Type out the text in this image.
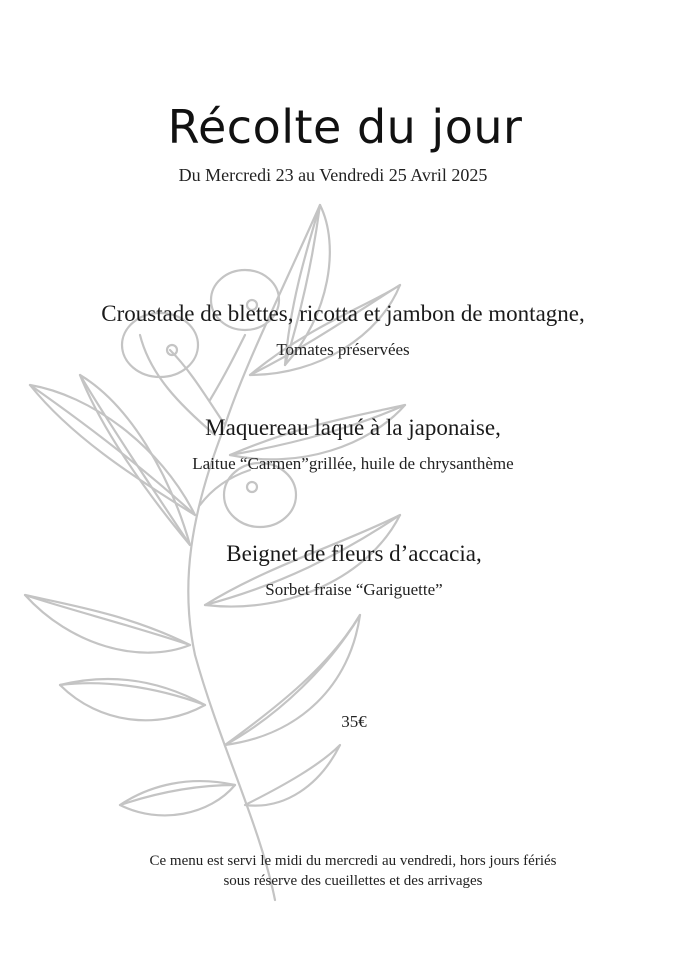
Récolte du jour
Du Mercredi 23 au Vendredi 25 Avril 2025
Croustade de blettes, ricotta et jambon de montagne,
Tomates préservées
Maquereau laqué à la japonaise,
Laitue “Carmen”grillée, huile de chrysanthème
Beignet de fleurs d’accacia,
Sorbet fraise “Gariguette”
35€
Ce menu est servi le midi du mercredi au vendredi, hors jours fériés
sous réserve des cueillettes et des arrivages
